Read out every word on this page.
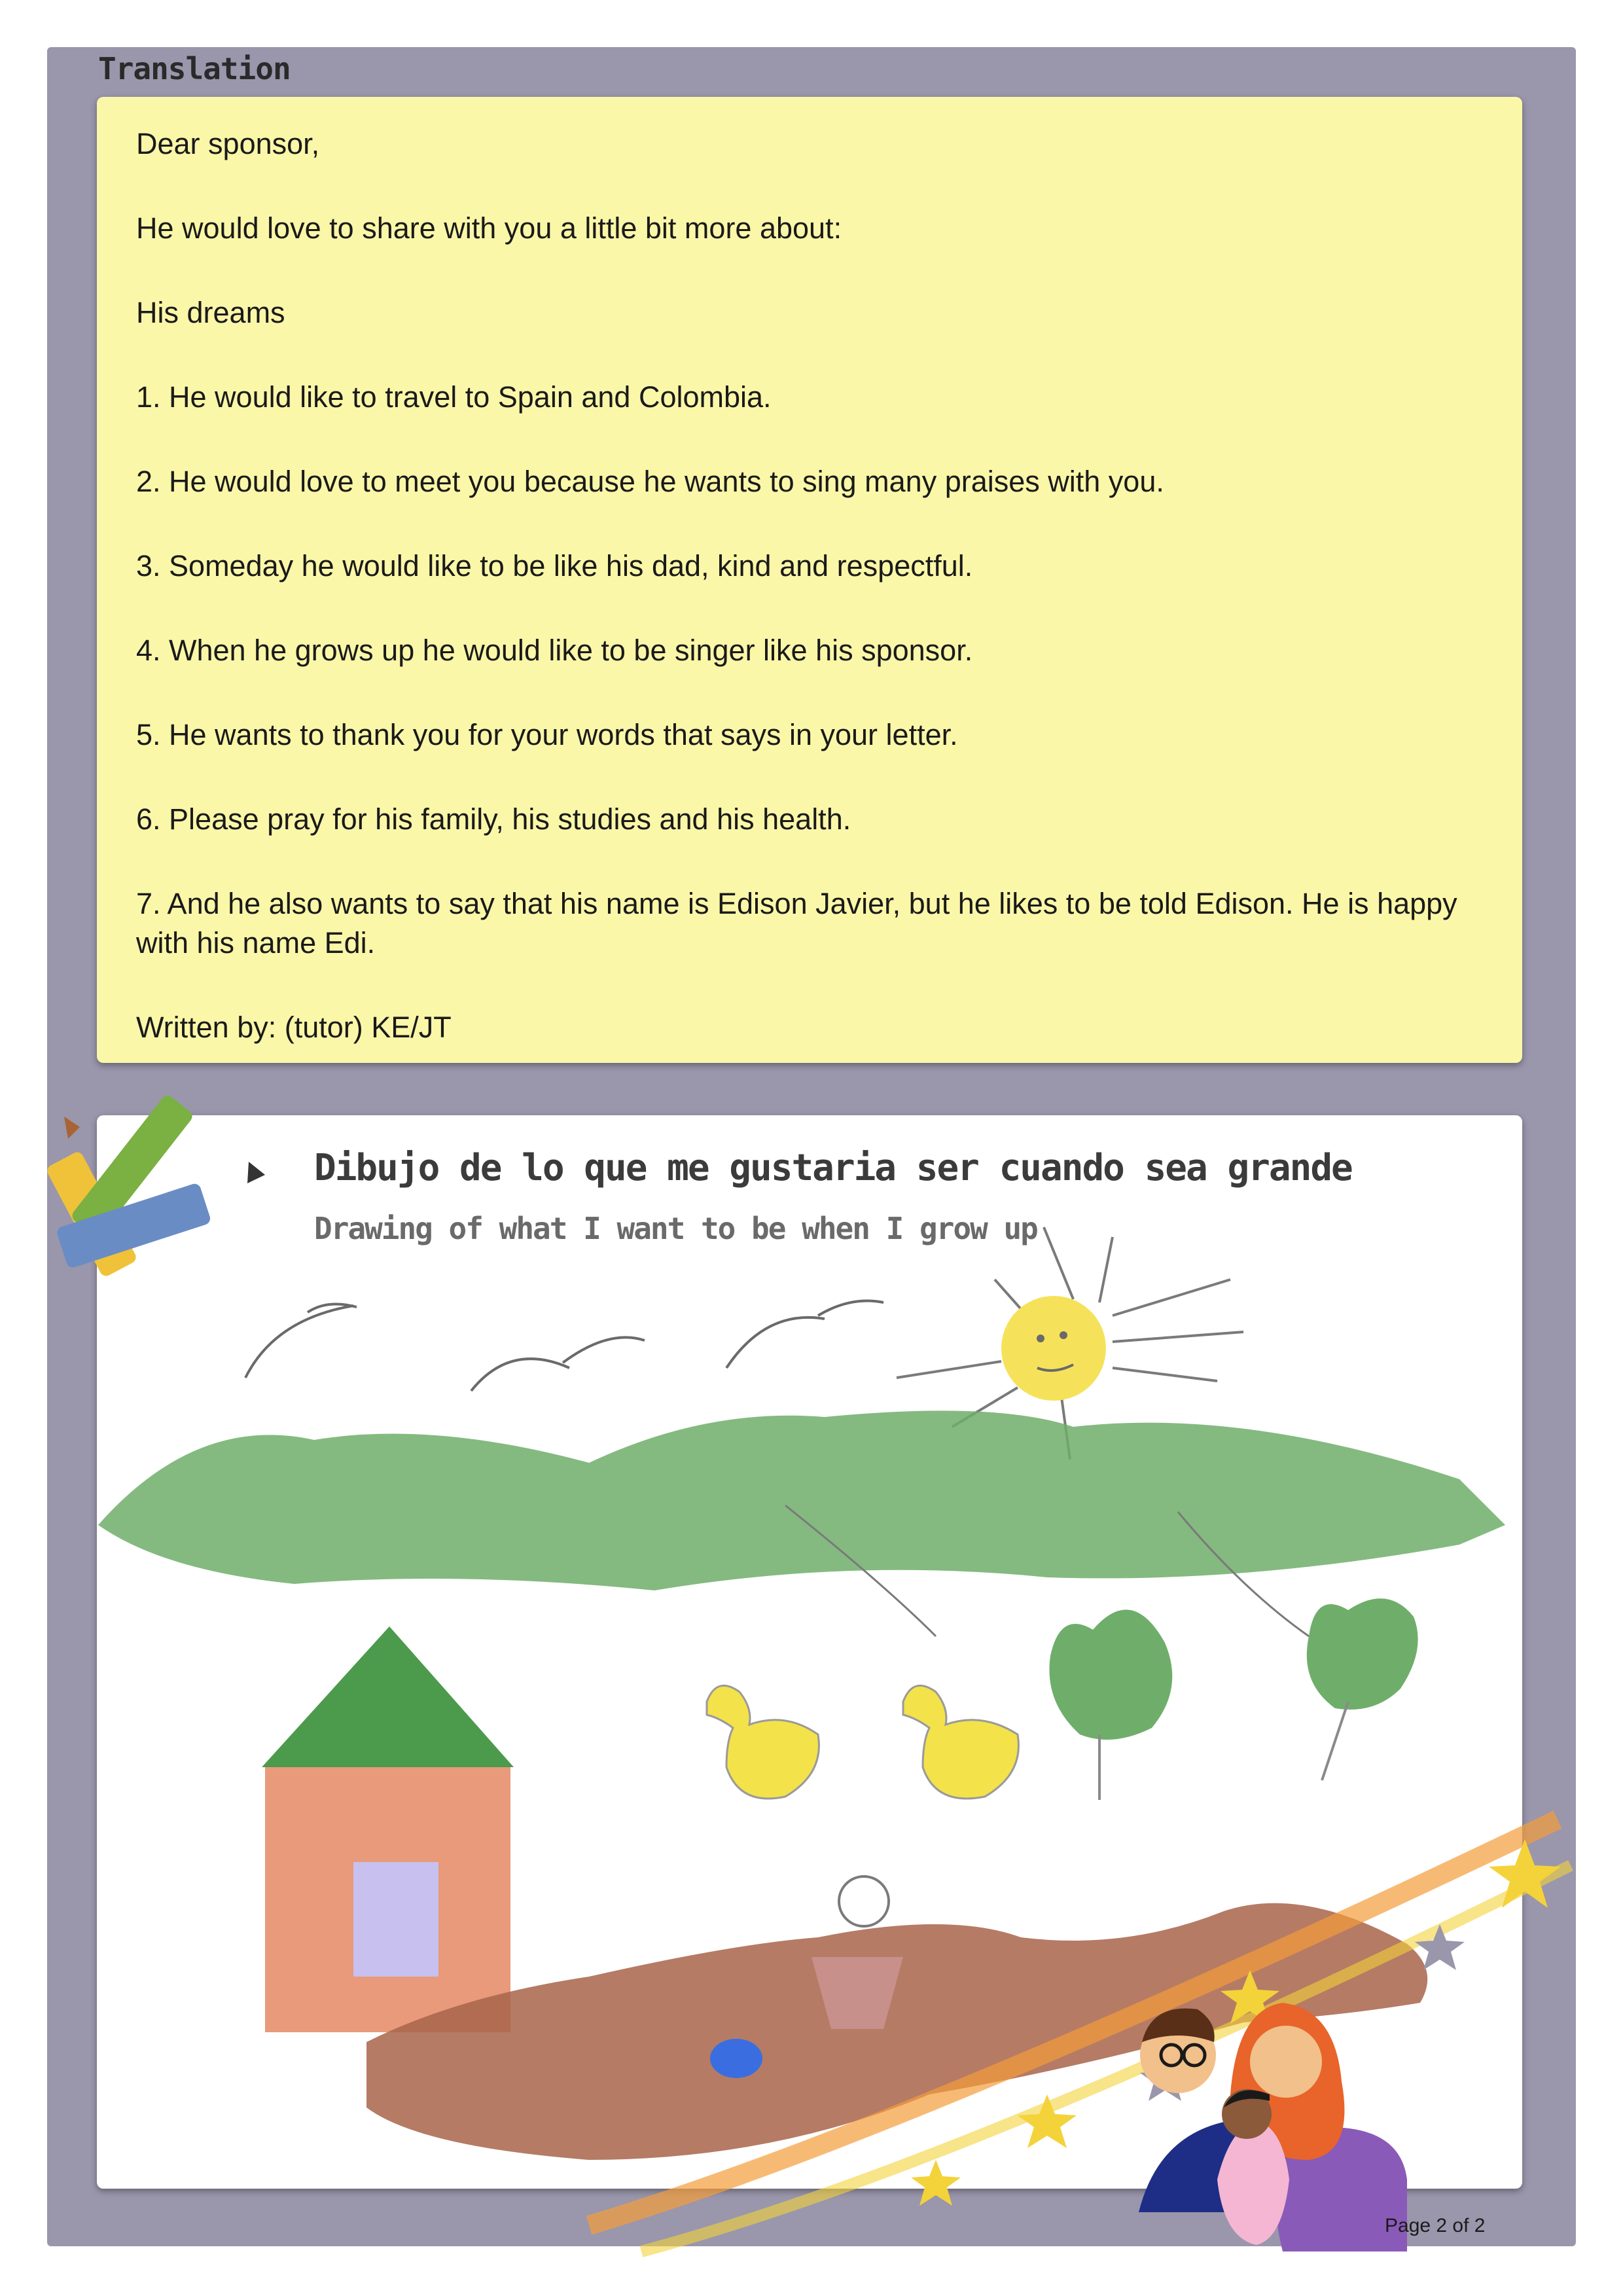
Translation

Dear sponsor,

He would love to share with you a little bit more about:

His dreams

1. He would like to travel to Spain and Colombia.

2. He would love to meet you because he wants to sing many praises with you.

3. Someday he would like to be like his dad, kind and respectful.

4. When he grows up he would like to be singer like his sponsor.

5. He wants to thank you for your words that says in your letter.

6. Please pray for his family, his studies and his health.

7. And he also wants to say that his name is Edison Javier, but he likes to be told Edison. He is happy with his name Edi.

Written by: (tutor) KE/JT

Dibujo de lo que me gustaria ser cuando sea grande
Drawing of what I want to be when I grow up
Page 2 of 2
